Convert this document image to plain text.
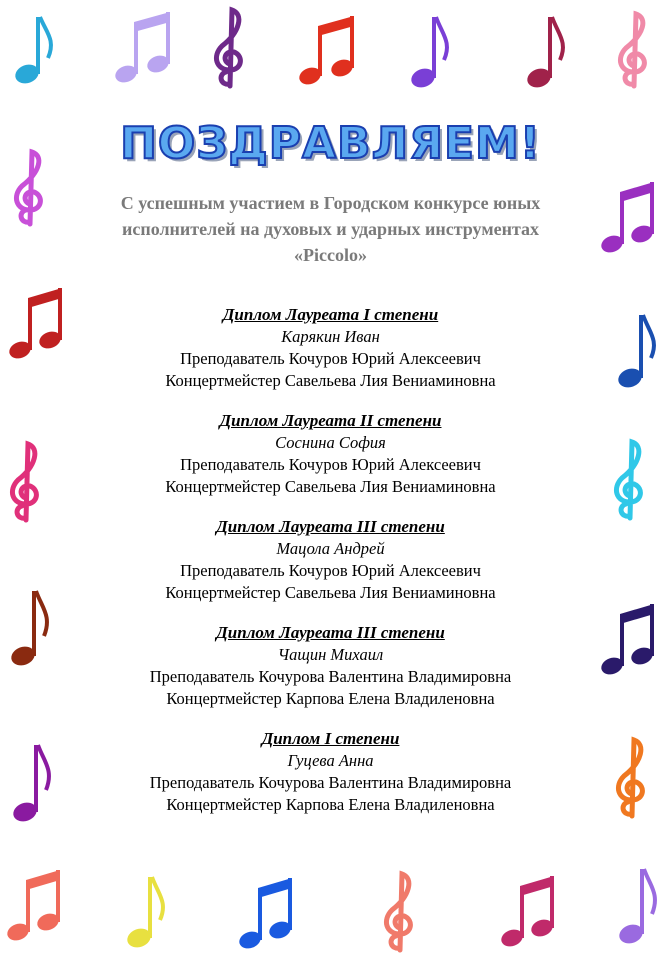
ПОЗДРАВЛЯЕМ!
С успешным участием в Городском конкурсе юных
исполнителей на духовых и ударных инструментах
«Piccolo»
Диплом Лауреата I степени
Карякин Иван
Преподаватель Кочуров Юрий Алексеевич
Концертмейстер Савельева Лия Вениаминовна
Диплом Лауреата II степени
Соснина София
Преподаватель Кочуров Юрий Алексеевич
Концертмейстер Савельева Лия Вениаминовна
Диплом Лауреата III степени
Мацола Андрей
Преподаватель Кочуров Юрий Алексеевич
Концертмейстер Савельева Лия Вениаминовна
Диплом Лауреата III степени
Чащин Михаил
Преподаватель Кочурова Валентина Владимировна
Концертмейстер Карпова Елена Владиленовна
Диплом I степени
Гуцева Анна
Преподаватель Кочурова Валентина Владимировна
Концертмейстер Карпова Елена Владиленовна
